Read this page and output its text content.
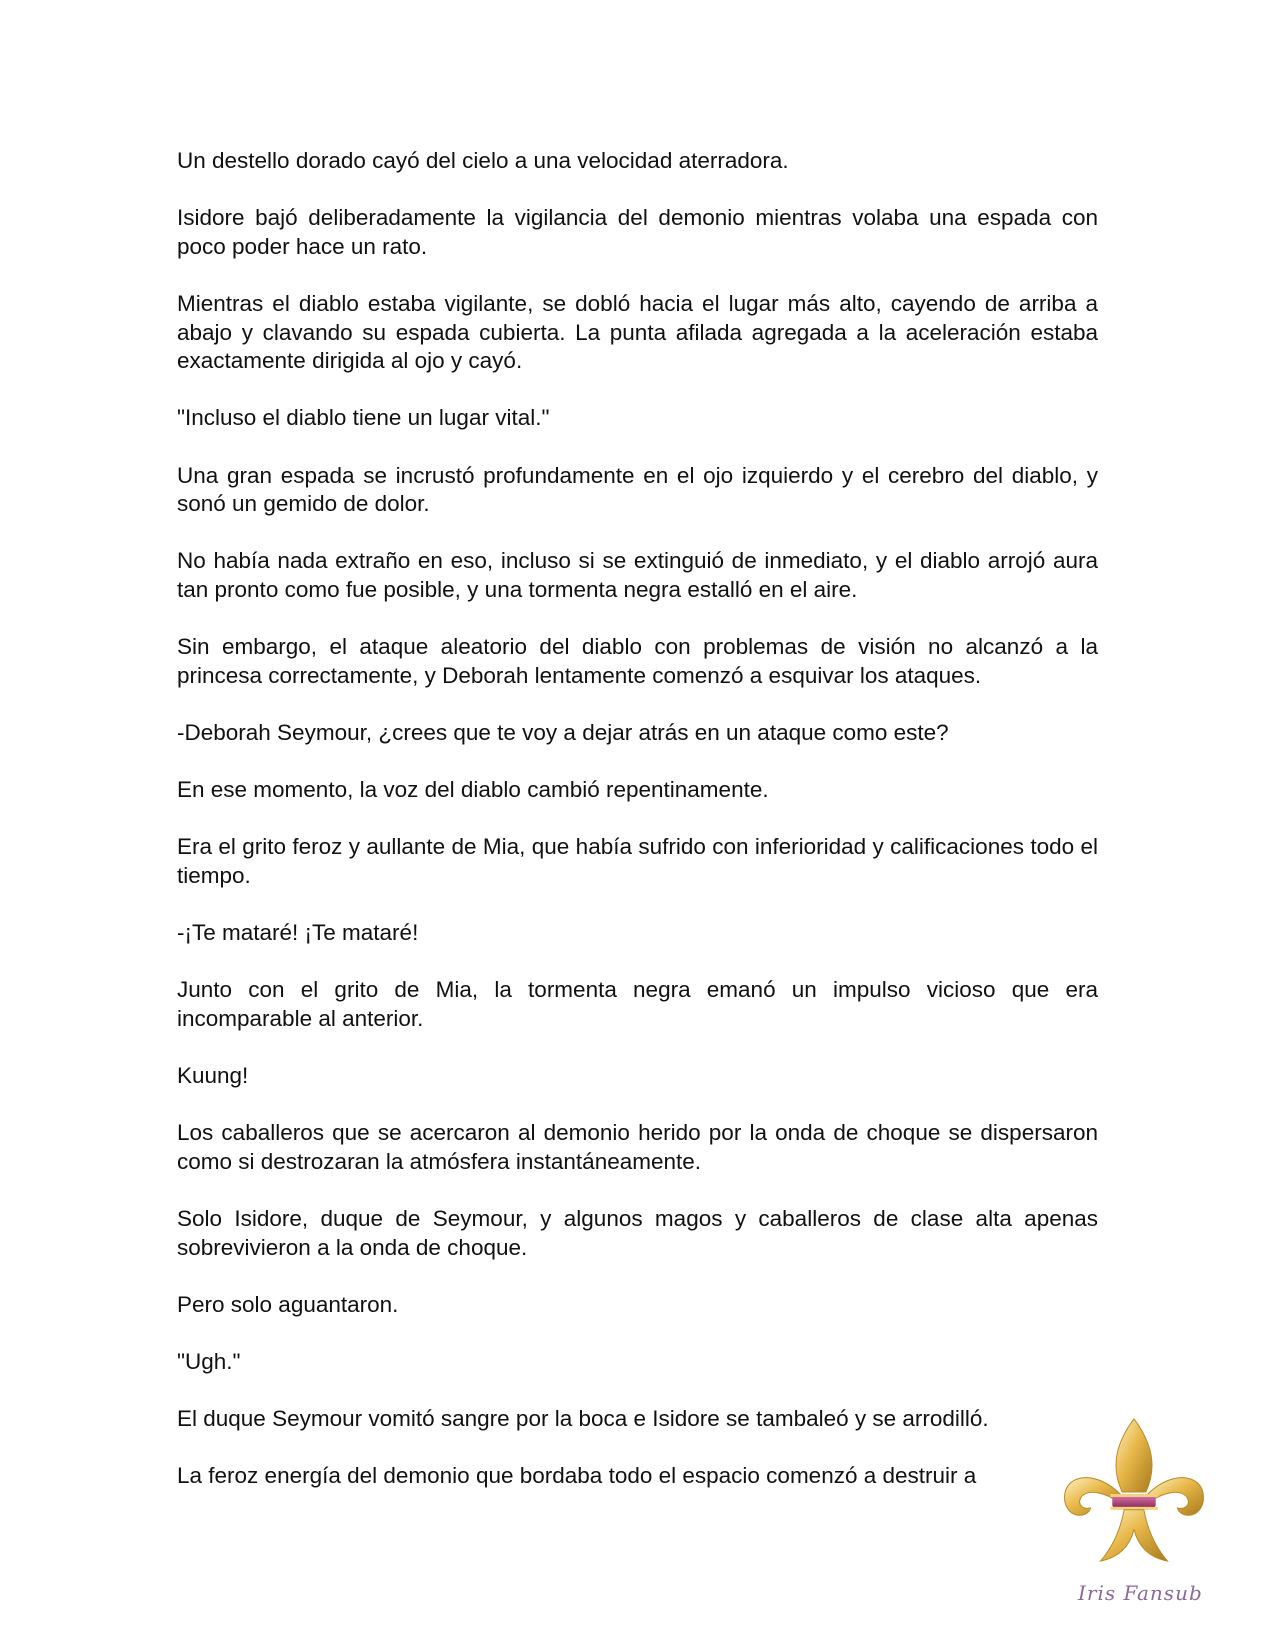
Un destello dorado cayó del cielo a una velocidad aterradora.

Isidore bajó deliberadamente la vigilancia del demonio mientras volaba una espada con poco poder hace un rato.

Mientras el diablo estaba vigilante, se dobló hacia el lugar más alto, cayendo de arriba a abajo y clavando su espada cubierta. La punta afilada agregada a la aceleración estaba exactamente dirigida al ojo y cayó.

"Incluso el diablo tiene un lugar vital."

Una gran espada se incrustó profundamente en el ojo izquierdo y el cerebro del diablo, y sonó un gemido de dolor.

No había nada extraño en eso, incluso si se extinguió de inmediato, y el diablo arrojó aura tan pronto como fue posible, y una tormenta negra estalló en el aire.

Sin embargo, el ataque aleatorio del diablo con problemas de visión no alcanzó a la princesa correctamente, y Deborah lentamente comenzó a esquivar los ataques.

-Deborah Seymour, ¿crees que te voy a dejar atrás en un ataque como este?

En ese momento, la voz del diablo cambió repentinamente.

Era el grito feroz y aullante de Mia, que había sufrido con inferioridad y calificaciones todo el tiempo.

-¡Te mataré! ¡Te mataré!

Junto con el grito de Mia, la tormenta negra emanó un impulso vicioso que era incomparable al anterior.

Kuung!

Los caballeros que se acercaron al demonio herido por la onda de choque se dispersaron como si destrozaran la atmósfera instantáneamente.

Solo Isidore, duque de Seymour, y algunos magos y caballeros de clase alta apenas sobrevivieron a la onda de choque.

Pero solo aguantaron.

"Ugh."

El duque Seymour vomitó sangre por la boca e Isidore se tambaleó y se arrodilló.

La feroz energía del demonio que bordaba todo el espacio comenzó a destruir a

Iris Fansub
